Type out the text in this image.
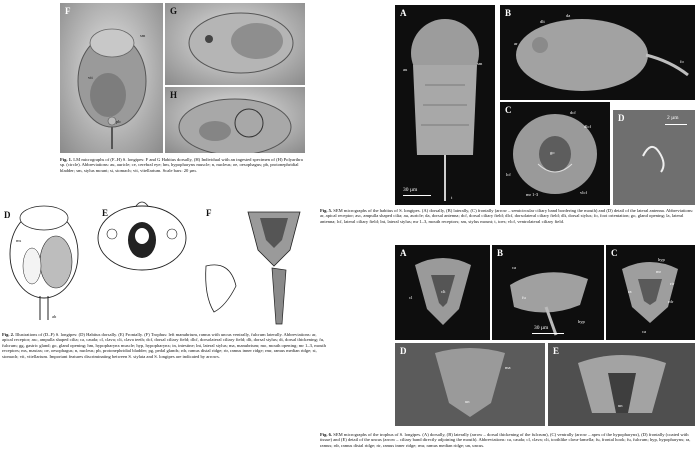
F
sm
vit
pb
G
H
Fig. 1. LM micrographs of (F–H) S. longipes: F and G Habitus dorsally, (H) Individual with an ingested specimen of (H) Polyarthra sp. (circle). Abbreviations: au, auricle; ce, cerebral eye; hm, hypopharynx muscle; n, nucleus; oe, oesophagus; pb, protonephridial bladder; sm, stylus mount; st, stomach; vit, vitellarium. Scale bars: 20 µm.
D	E	F
ms
ab
Fig. 2. Illustrations of (D–F) S. longipes: (D) Habitus dorsally. (E) Frontally. (F) Trophus: left manubrium, ramus with uncus ventrally, fulcrum laterally. Abbreviations: ar, apical receptor; asc, ampulla shaped cilia; ca, cauda; cl, clava; clt, clava teeth; dcf, dorsal ciliary field; dlcf, dorsolateral ciliary field; dlt, dorsal stylus; dt, dorsal thickening; fu, fulcrum; gg, gastric gland; go, gland opening; hm, hypopharynx muscle; hyp, hypopharynx; in, intestine; lnt, lateral stylus; ma, manubrium; mo, mouth opening; mr 1–3, mouth receptors; ms, mastax; oe, oesophagus; n, nucleus; pb, protonephridial bladder; pg, pedal glands; rdr, ramus distal ridge; rir, ramus inner ridge; rmr, ramus median ridge; st, stomach; vit, vitellarium. Important features discriminating between S. stylata and S. longipes are indicated by arrows.
A
au
sm
t
30 µm
B	da
ar
dlt
fo
C	dcf
dlcf
lcf
mr 1-3	vlcf
go
D	2 µm
Fig. 5. SEM micrographs of the habitus of S. longipes. (A) dorsally, (B) laterally, (C) frontally (arrow – semicircular ciliary band bordering the mouth) and (D) detail of the lateral antenna. Abbreviations: ar, apical receptor; asc, ampulla shaped cilia; au, auricle; da, dorsal antenna; dcf, dorsal ciliary field; dlcf, dorsolateral ciliary field; dlt, dorsal stylus; fo, foot orientation; go, gland opening; la, lateral antenna; lcf, lateral ciliary field; lnt, lateral stylus; mr 1–3, mouth receptors; sm, stylus mount; t, toes; vlcf, ventrolateral ciliary field.
A
cl
clt
B
ca
fu
hyp
30 µm
C
hyp
mr
rir
ra
rdr
ca
D
un
ma
E
un
Fig. 6. SEM micrographs of the trophus of S. longipes. (A) dorsally, (B) laterally (arrow – dorsal thickening of the fulcrum), (C) ventrally (arrow – apex of the hypopharynx), (D) frontally (coated with tissue) and (E) detail of the uncus (arrow – ciliary band directly adjoining the mouth). Abbreviations: ca, cauda; cl, clava; clt, toothlike clava-lamella; fu, frontal hook; fu, fulcrum; hyp, hypopharynx; ra, ramus; rdr, ramus distal ridge; rir, ramus inner ridge; rmr, ramus median ridge; un, uncus.
